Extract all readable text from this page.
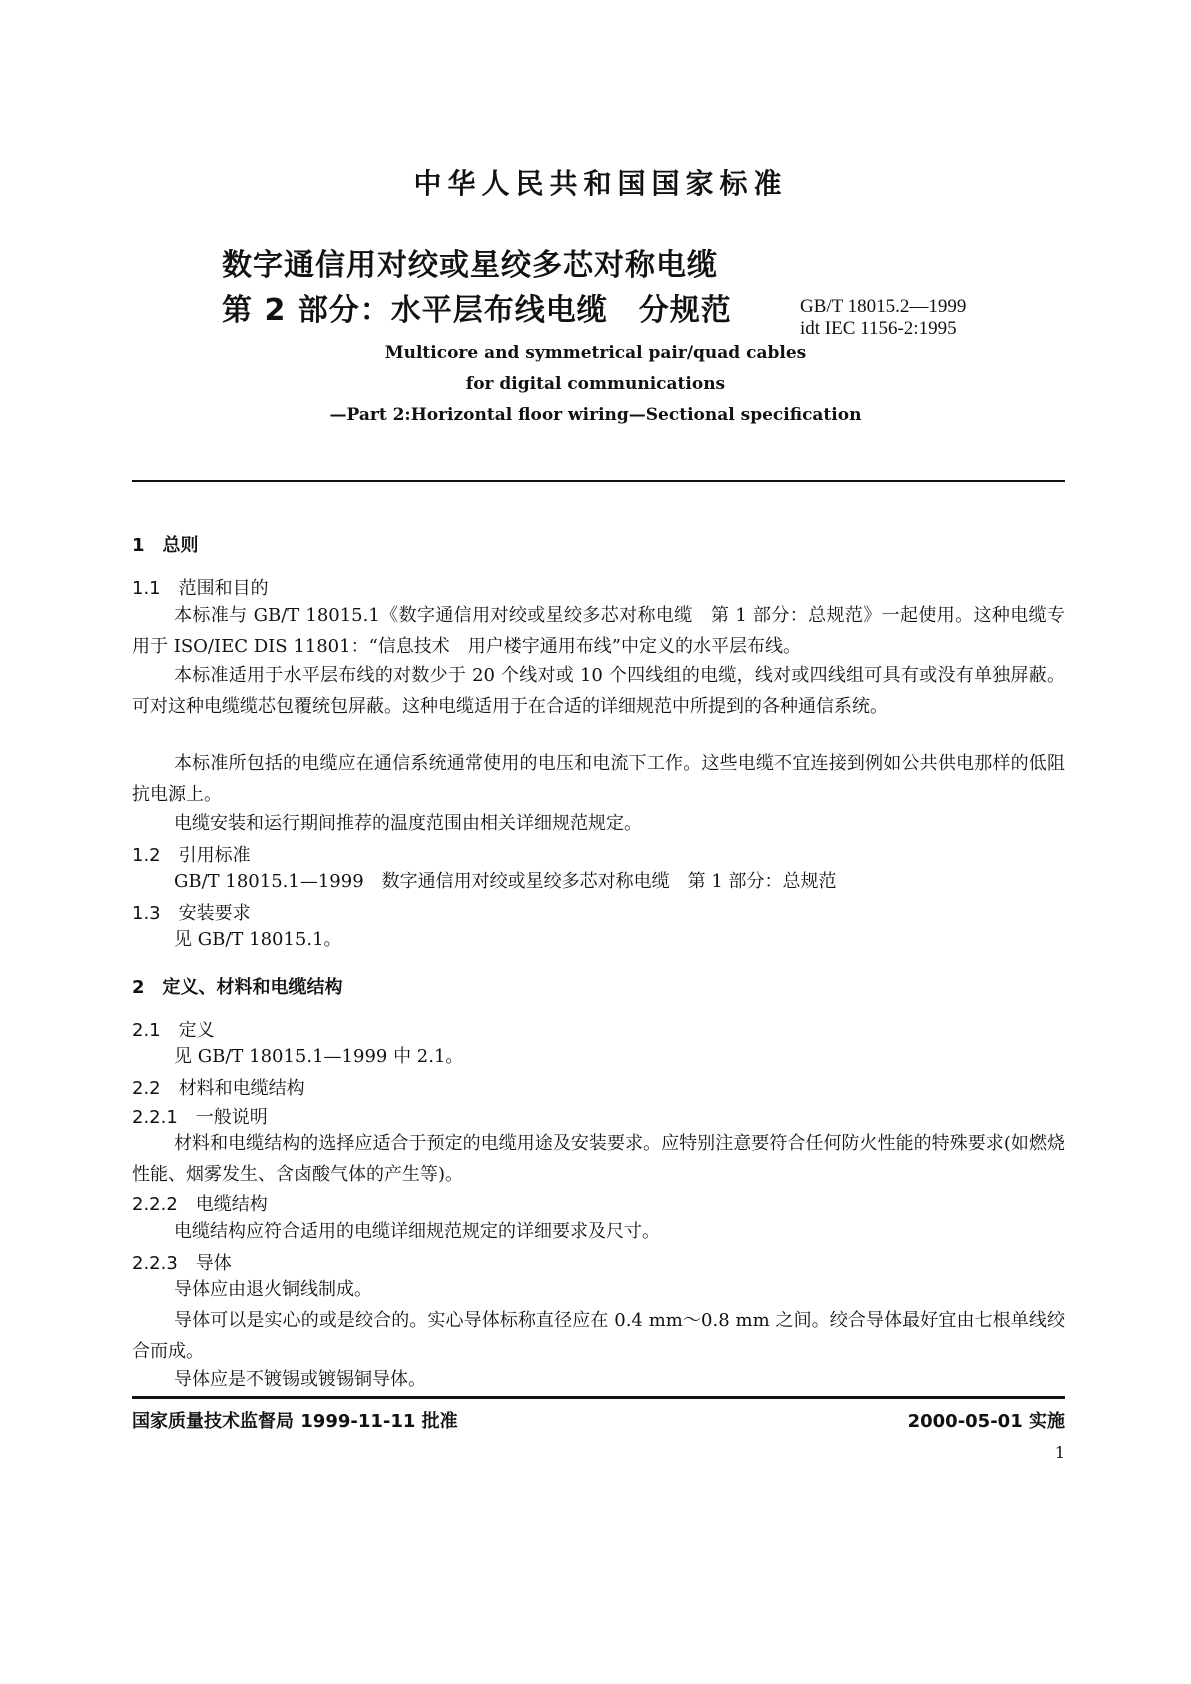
中华人民共和国国家标准
数字通信用对绞或星绞多芯对称电缆
第 2 部分：水平层布线电缆　分规范	GB/T 18015.2—1999
idt IEC 1156-2:1995
Multicore and symmetrical pair/quad cables
for digital communications
—Part 2:Horizontal floor wiring—Sectional specification
1　总则
1.1　范围和目的
本标准与 GB/T 18015.1《数字通信用对绞或星绞多芯对称电缆　第 1 部分：总规范》一起使用。这种电缆专用于 ISO/IEC DIS 11801：“信息技术　用户楼宇通用布线”中定义的水平层布线。
本标准适用于水平层布线的对数少于 20 个线对或 10 个四线组的电缆，线对或四线组可具有或没有单独屏蔽。可对这种电缆缆芯包覆统包屏蔽。这种电缆适用于在合适的详细规范中所提到的各种通信系统。
本标准所包括的电缆应在通信系统通常使用的电压和电流下工作。这些电缆不宜连接到例如公共供电那样的低阻抗电源上。
电缆安装和运行期间推荐的温度范围由相关详细规范规定。
1.2　引用标准
GB/T 18015.1—1999　数字通信用对绞或星绞多芯对称电缆　第 1 部分：总规范
1.3　安装要求
见 GB/T 18015.1。
2　定义、材料和电缆结构
2.1　定义
见 GB/T 18015.1—1999 中 2.1。
2.2　材料和电缆结构
2.2.1　一般说明
材料和电缆结构的选择应适合于预定的电缆用途及安装要求。应特别注意要符合任何防火性能的特殊要求(如燃烧性能、烟雾发生、含卤酸气体的产生等)。
2.2.2　电缆结构
电缆结构应符合适用的电缆详细规范规定的详细要求及尺寸。
2.2.3　导体
导体应由退火铜线制成。
导体可以是实心的或是绞合的。实心导体标称直径应在 0.4 mm～0.8 mm 之间。绞合导体最好宜由七根单线绞合而成。
导体应是不镀锡或镀锡铜导体。
国家质量技术监督局 1999-11-11 批准	2000-05-01 实施
1
